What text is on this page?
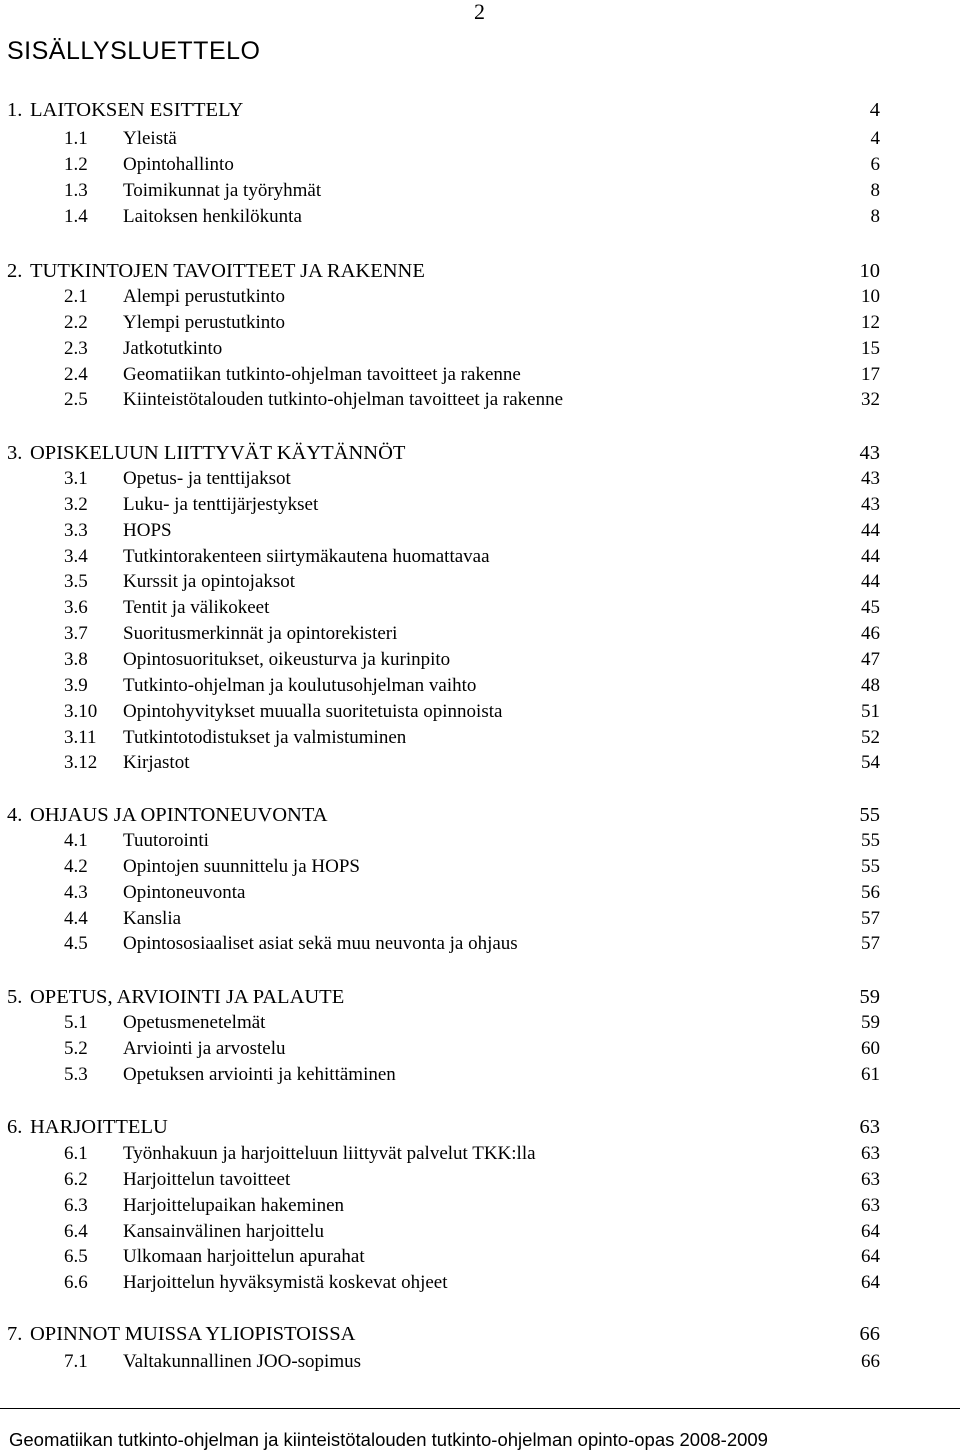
2
SISÄLLYSLUETTELO
1. LAITOKSEN ESITTELY	4
1.1 Yleistä	4
1.2 Opintohallinto	6
1.3 Toimikunnat ja työryhmät	8
1.4 Laitoksen henkilökunta	8
2. TUTKINTOJEN TAVOITTEET JA RAKENNE	10
2.1 Alempi perustutkinto	10
2.2 Ylempi perustutkinto	12
2.3 Jatkotutkinto	15
2.4 Geomatiikan tutkinto-ohjelman tavoitteet ja rakenne	17
2.5 Kiinteistötalouden tutkinto-ohjelman tavoitteet ja rakenne	32
3. OPISKELUUN LIITTYVÄT KÄYTÄNNÖT	43
3.1 Opetus- ja tenttijaksot	43
3.2 Luku- ja tenttijärjestykset	43
3.3 HOPS	44
3.4 Tutkintorakenteen siirtymäkautena huomattavaa	44
3.5 Kurssit ja opintojaksot	44
3.6 Tentit ja välikokeet	45
3.7 Suoritusmerkinnät ja opintorekisteri	46
3.8 Opintosuoritukset, oikeusturva ja kurinpito	47
3.9 Tutkinto-ohjelman ja koulutusohjelman vaihto	48
3.10 Opintohyvitykset muualla suoritetuista opinnoista	51
3.11 Tutkintotodistukset ja valmistuminen	52
3.12 Kirjastot	54
4. OHJAUS JA OPINTONEUVONTA	55
4.1 Tuutorointi	55
4.2 Opintojen suunnittelu ja HOPS	55
4.3 Opintoneuvonta	56
4.4 Kanslia	57
4.5 Opintososiaaliset asiat sekä muu neuvonta ja ohjaus	57
5. OPETUS, ARVIOINTI JA PALAUTE	59
5.1 Opetusmenetelmät	59
5.2 Arviointi ja arvostelu	60
5.3 Opetuksen arviointi ja kehittäminen	61
6. HARJOITTELU	63
6.1 Työnhakuun ja harjoitteluun liittyvät palvelut TKK:lla	63
6.2 Harjoittelun tavoitteet	63
6.3 Harjoittelupaikan hakeminen	63
6.4 Kansainvälinen harjoittelu	64
6.5 Ulkomaan harjoittelun apurahat	64
6.6 Harjoittelun hyväksymistä koskevat ohjeet	64
7. OPINNOT MUISSA YLIOPISTOISSA	66
7.1 Valtakunnallinen JOO-sopimus	66
Geomatiikan tutkinto-ohjelman ja kiinteistötalouden tutkinto-ohjelman opinto-opas 2008-2009
